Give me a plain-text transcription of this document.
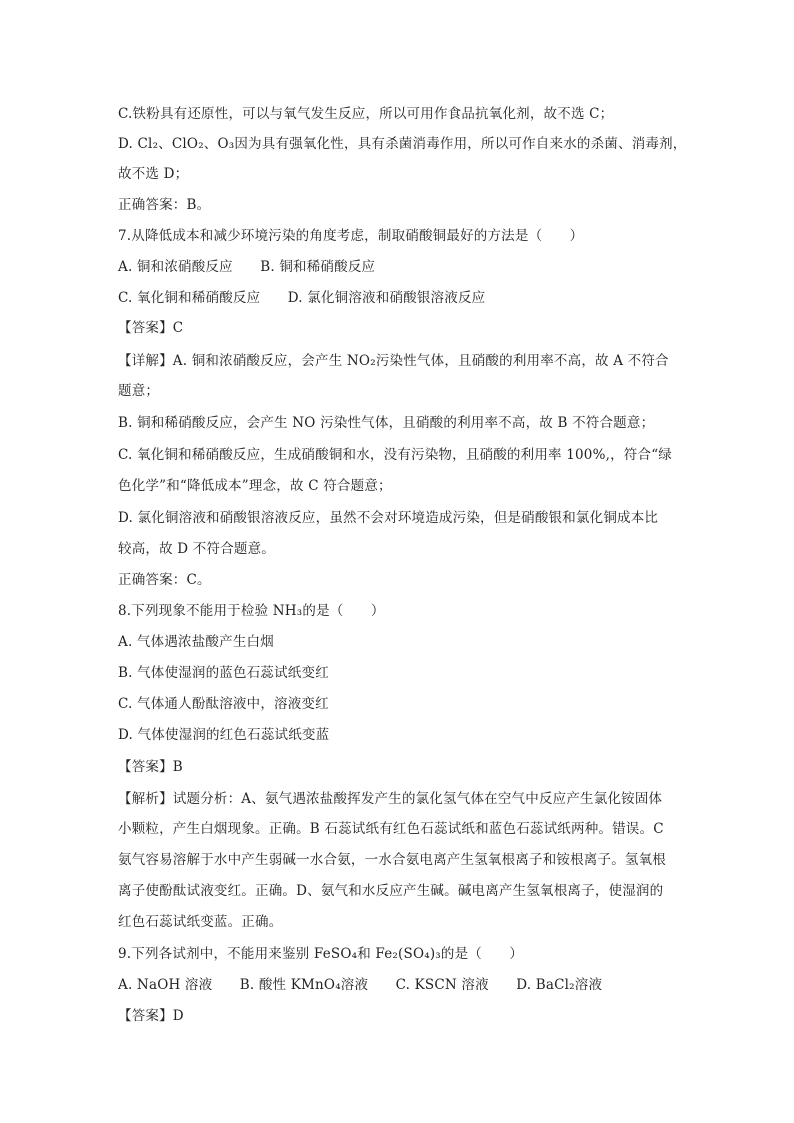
C.铁粉具有还原性，可以与氧气发生反应，所以可用作食品抗氧化剂，故不选 C；
D. Cl₂、ClO₂、O₃因为具有强氧化性，具有杀菌消毒作用，所以可作自来水的杀菌、消毒剂，
故不选 D；
正确答案：B。
7.从降低成本和减少环境污染的角度考虑，制取硝酸铜最好的方法是（　　）
A. 铜和浓硝酸反应　　B. 铜和稀硝酸反应
C. 氧化铜和稀硝酸反应　　D. 氯化铜溶液和硝酸银溶液反应
【答案】C
【详解】A. 铜和浓硝酸反应，会产生 NO₂污染性气体，且硝酸的利用率不高，故 A 不符合
题意；
B. 铜和稀硝酸反应，会产生 NO 污染性气体，且硝酸的利用率不高，故 B 不符合题意；
C. 氧化铜和稀硝酸反应，生成硝酸铜和水，没有污染物，且硝酸的利用率 100%,，符合“绿
色化学”和“降低成本”理念，故 C 符合题意；
D. 氯化铜溶液和硝酸银溶液反应，虽然不会对环境造成污染，但是硝酸银和氯化铜成本比
较高，故 D 不符合题意。
正确答案：C。
8.下列现象不能用于检验 NH₃的是（　　）
A. 气体遇浓盐酸产生白烟
B. 气体使湿润的蓝色石蕊试纸变红
C. 气体通人酚酞溶液中，溶液变红
D. 气体使湿润的红色石蕊试纸变蓝
【答案】B
【解析】试题分析：A、氨气遇浓盐酸挥发产生的氯化氢气体在空气中反应产生氯化铵固体
小颗粒，产生白烟现象。正确。B 石蕊试纸有红色石蕊试纸和蓝色石蕊试纸两种。错误。C
氨气容易溶解于水中产生弱碱一水合氨，一水合氨电离产生氢氧根离子和铵根离子。氢氧根
离子使酚酞试液变红。正确。D、氨气和水反应产生碱。碱电离产生氢氧根离子，使湿润的
红色石蕊试纸变蓝。正确。
9.下列各试剂中，不能用来鉴别 FeSO₄和 Fe₂(SO₄)₃的是（　　）
A. NaOH 溶液　　B. 酸性 KMnO₄溶液　　C. KSCN 溶液　　D. BaCl₂溶液
【答案】D
